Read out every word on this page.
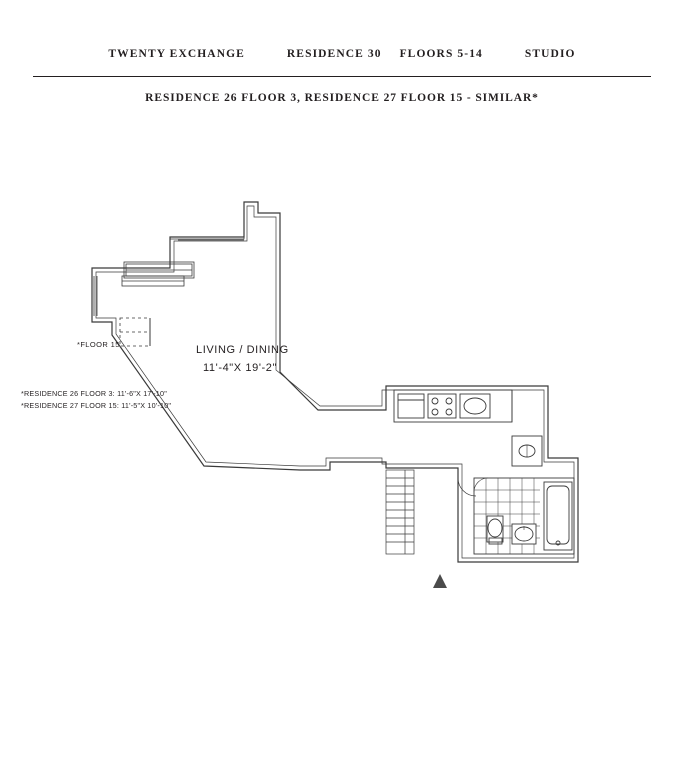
TWENTY EXCHANGE	RESIDENCE 30 FLOORS 5-14	STUDIO
RESIDENCE 26 FLOOR 3, RESIDENCE 27 FLOOR 15 - SIMILAR*
LIVING / DINING
11'-4"X 19'-2"
*FLOOR 15
*RESIDENCE 26 FLOOR 3: 11'-6"X 17'-10"
*RESIDENCE 27 FLOOR 15: 11'-5"X 10'-10"
